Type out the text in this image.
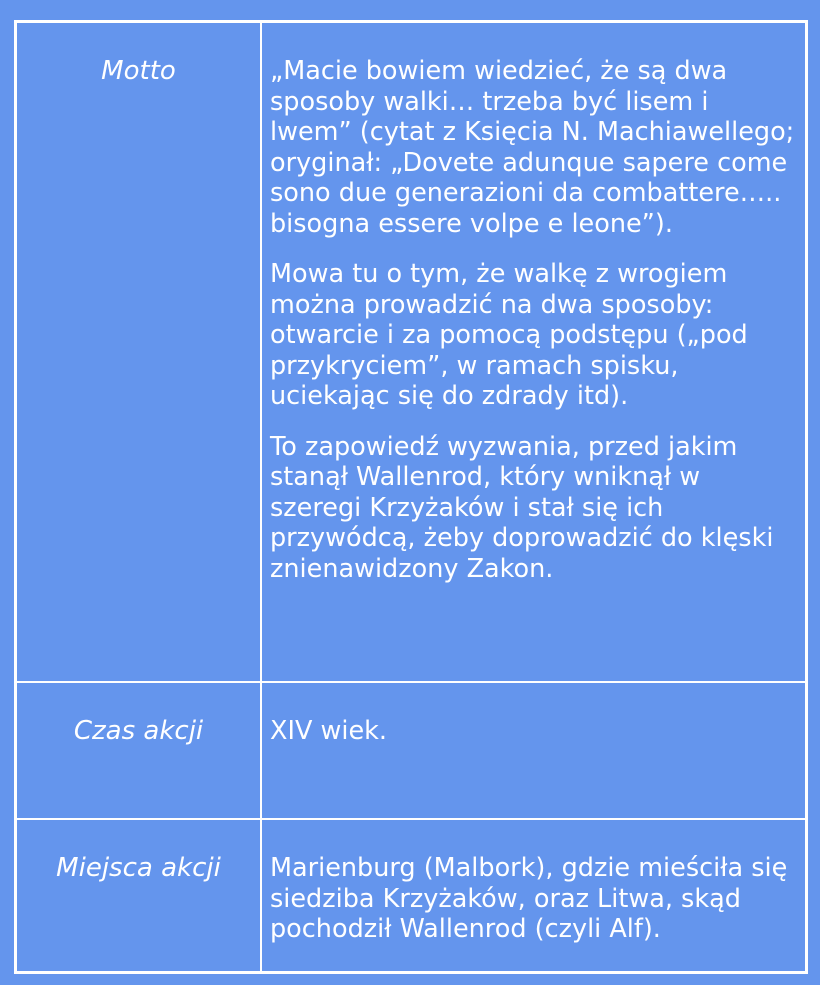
Motto	„Macie bowiem wiedzieć, że są dwa sposoby walki… trzeba być lisem i lwem” (cytat z Księcia N. Machiawellego; oryginał: „Dovete adunque sapere come sono due generazioni da combattere….. bisogna essere volpe e leone”).

Mowa tu o tym, że walkę z wrogiem można prowadzić na dwa sposoby: otwarcie i za pomocą podstępu („pod przykryciem”, w ramach spisku, uciekając się do zdrady itd).

To zapowiedź wyzwania, przed jakim stanął Wallenrod, który wniknął w szeregi Krzyżaków i stał się ich przywódcą, żeby doprowadzić do klęski znienawidzony Zakon.

Czas akcji	XIV wiek.

Miejsca akcji	Marienburg (Malbork), gdzie mieściła się siedziba Krzyżaków, oraz Litwa, skąd pochodził Wallenrod (czyli Alf).
